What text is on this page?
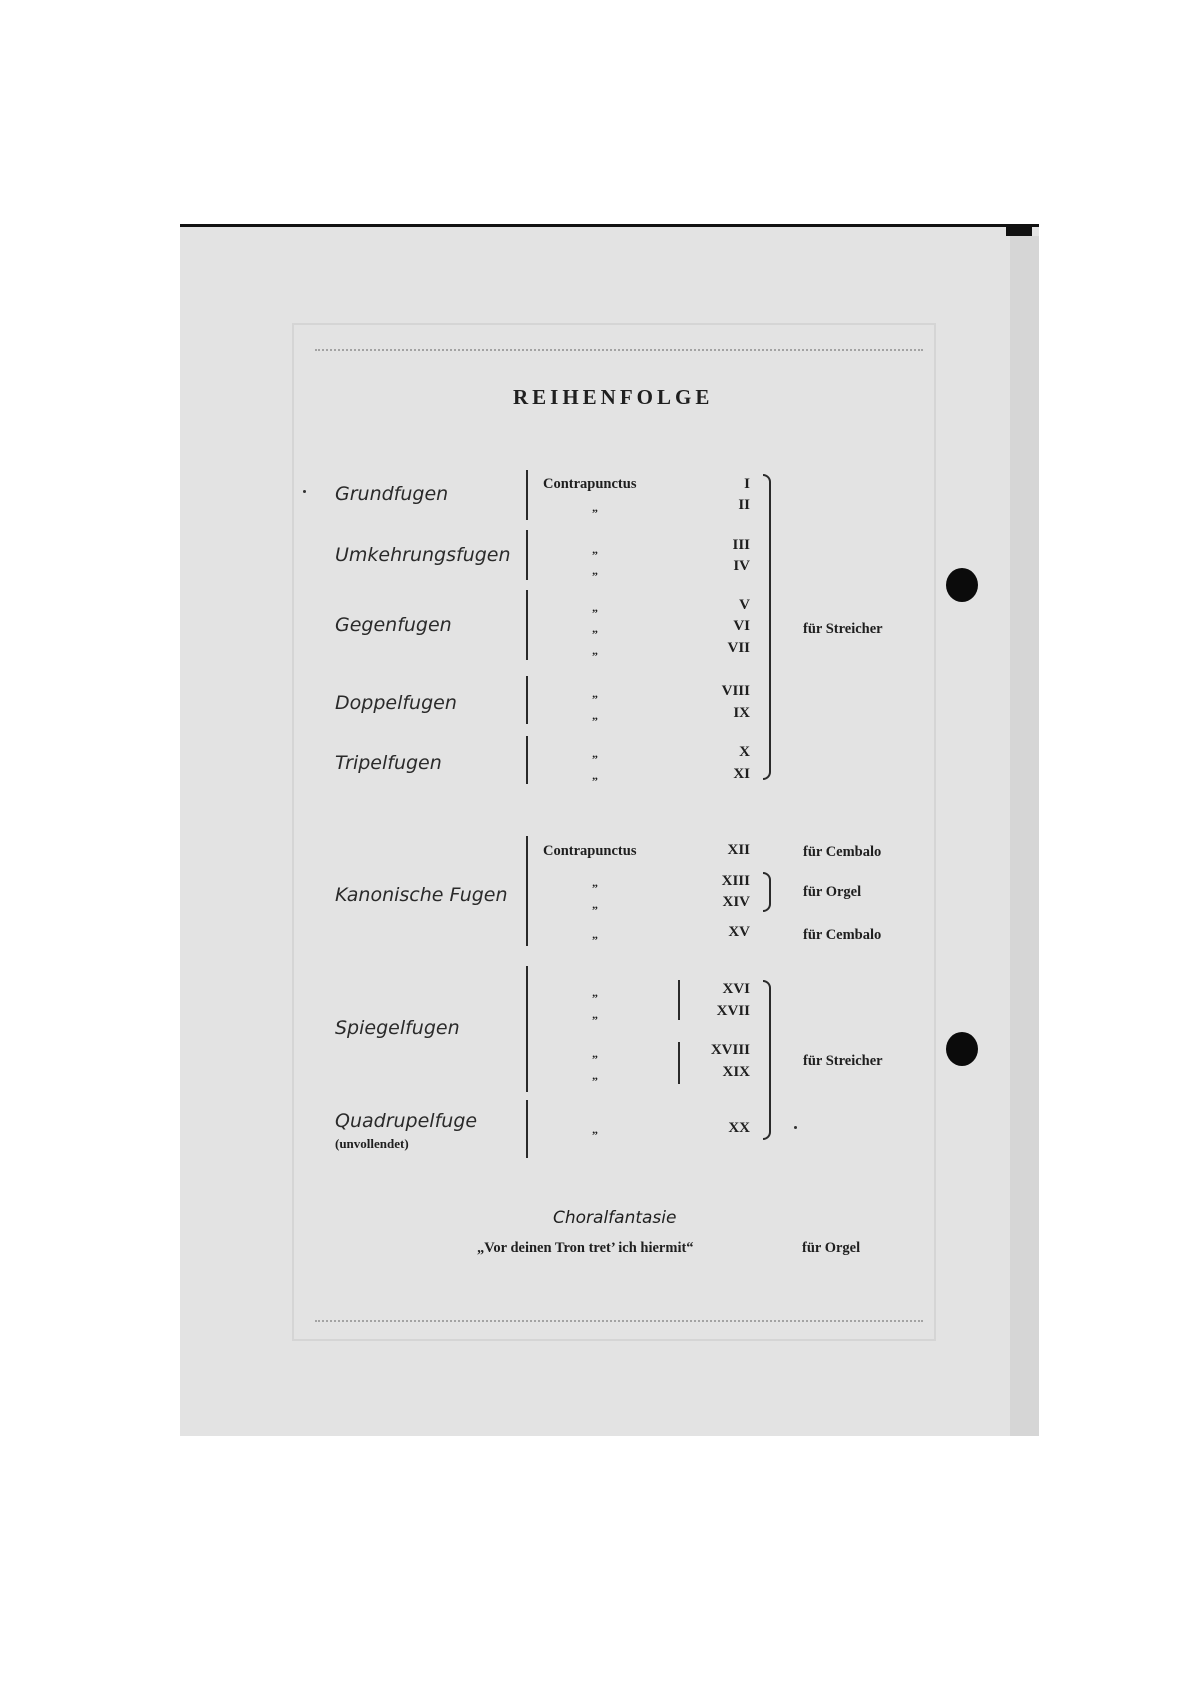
REIHENFOLGE
Grundfugen
Umkehrungsfugen
Gegenfugen
Doppelfugen
Tripelfugen
Kanonische Fugen
Spiegelfugen
Quadrupelfuge
(unvollendet)
Contrapunctus
„
„
„
„
„
„
„
„
„
„
Contrapunctus
„
„
„
„
„
„
„
„
I
II
III
IV
V
VI
VII
VIII
IX
X
XI
XII
XIII
XIV
XV
XVI
XVII
XVIII
XIX
XX
für Streicher
für Cembalo
für Orgel
für Cembalo
für Streicher
Choralfantasie
„Vor deinen Tron tret’ ich hiermit“	für Orgel
